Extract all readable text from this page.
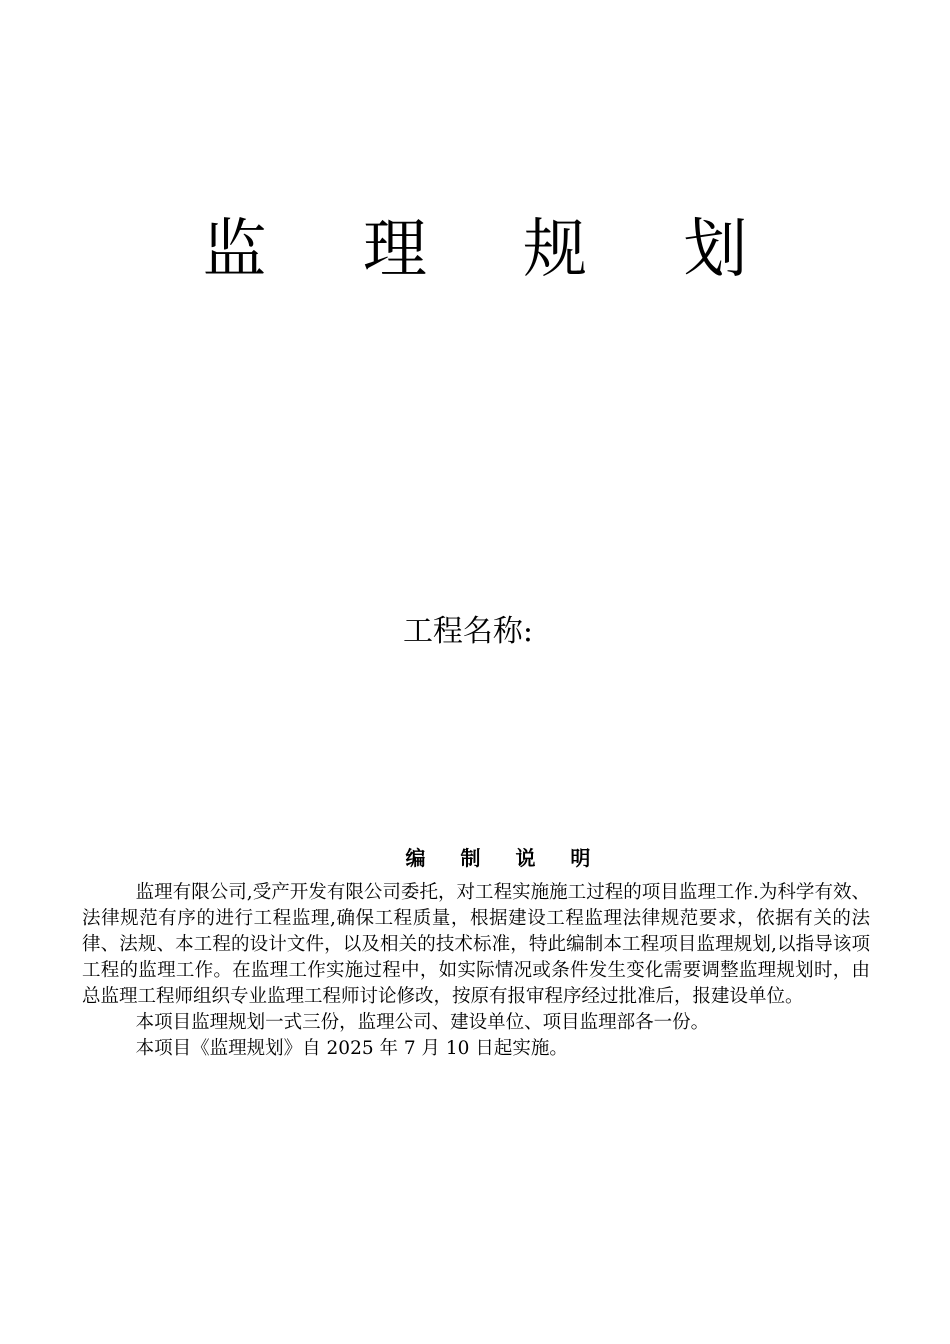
监 理 规 划
工程名称:
编 制 说 明

监理有限公司,受产开发有限公司委托，对工程实施施工过程的项目监理工作.为科学有效、法律规范有序的进行工程监理,确保工程质量，根据建设工程监理法律规范要求，依据有关的法律、法规、本工程的设计文件，以及相关的技术标准，特此编制本工程项目监理规划,以指导该项工程的监理工作。在监理工作实施过程中，如实际情况或条件发生变化需要调整监理规划时，由总监理工程师组织专业监理工程师讨论修改，按原有报审程序经过批准后，报建设单位。

本项目监理规划一式三份，监理公司、建设单位、项目监理部各一份。

本项目《监理规划》自 2025 年 7 月 10 日起实施。
